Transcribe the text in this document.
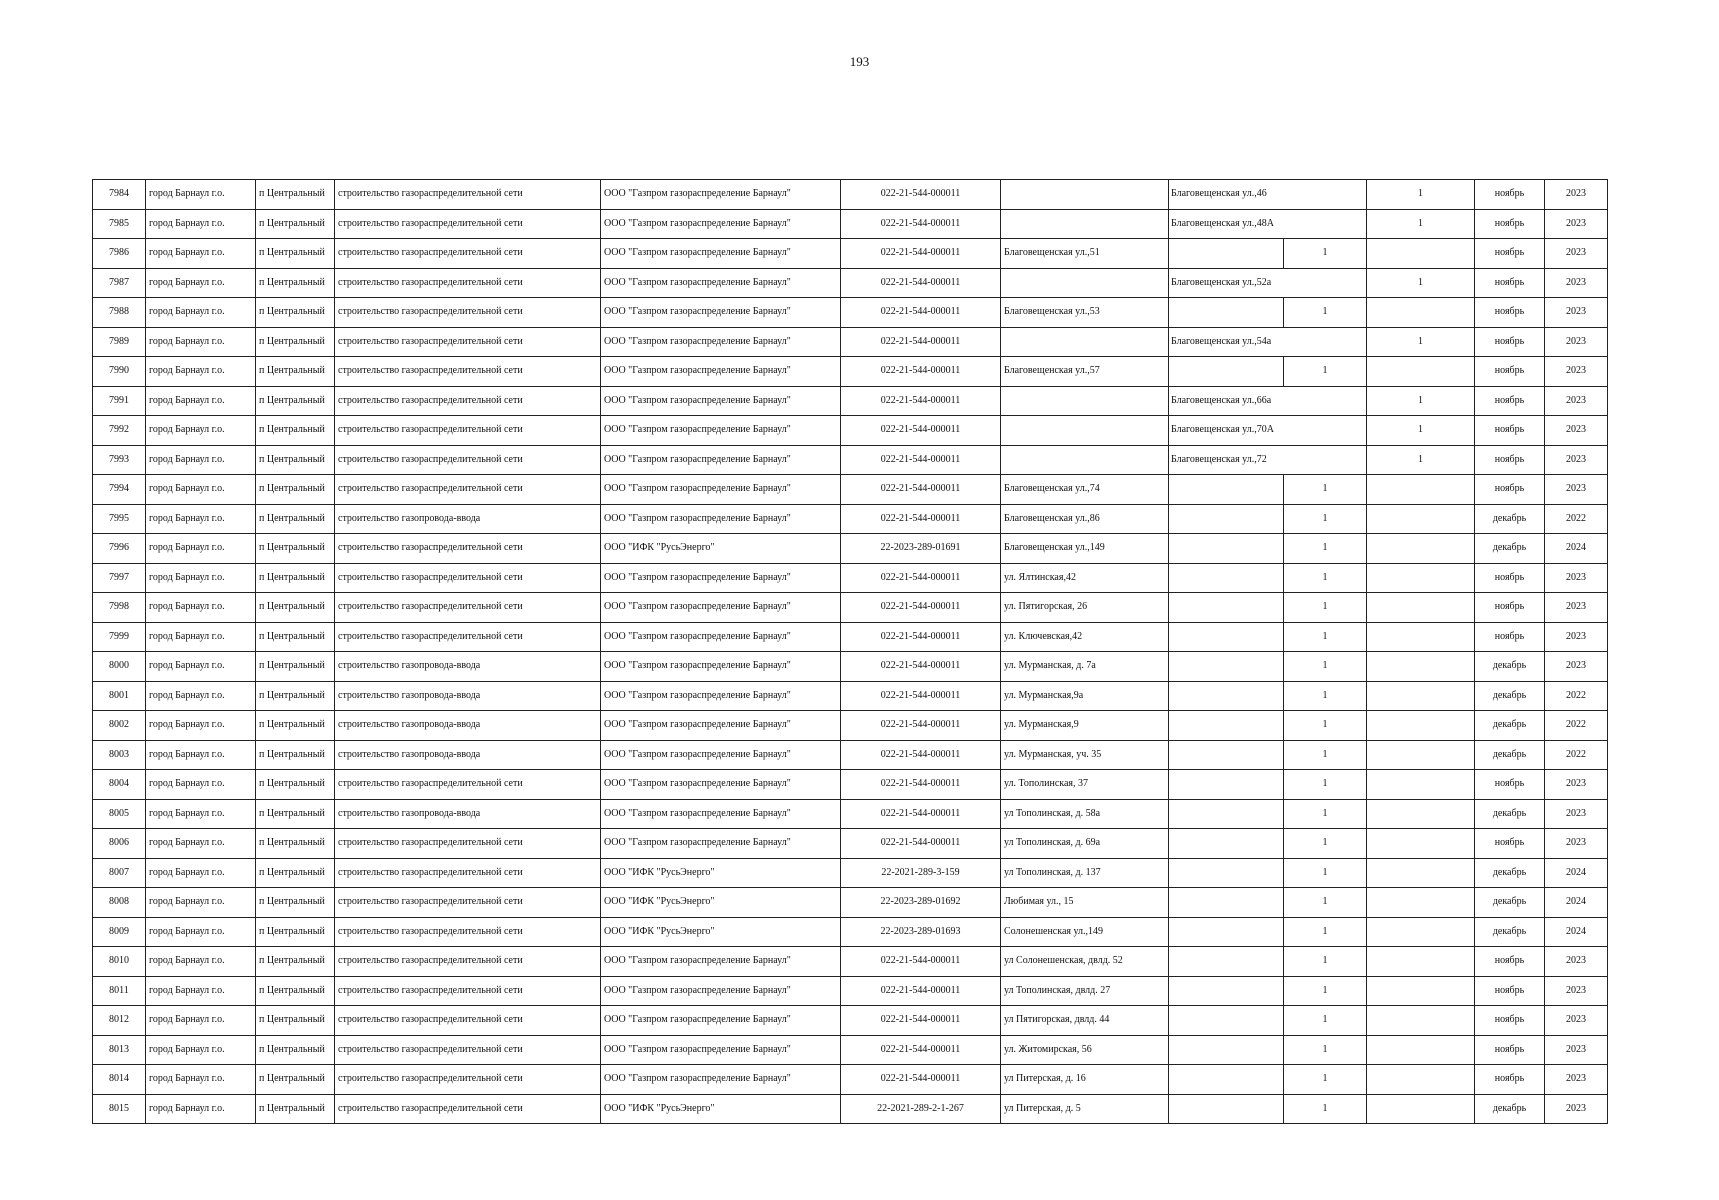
193
7984	город Барнаул г.о.	п Центральный	строительство газораспределительной сети	ООО "Газпром газораспределение Барнаул"	022-21-544-000011		Благовещенская ул.,46		1	ноябрь	2023
7985	город Барнаул г.о.	п Центральный	строительство газораспределительной сети	ООО "Газпром газораспределение Барнаул"	022-21-544-000011		Благовещенская ул.,48А		1	ноябрь	2023
7986	город Барнаул г.о.	п Центральный	строительство газораспределительной сети	ООО "Газпром газораспределение Барнаул"	022-21-544-000011	Благовещенская ул.,51		1		ноябрь	2023
7987	город Барнаул г.о.	п Центральный	строительство газораспределительной сети	ООО "Газпром газораспределение Барнаул"	022-21-544-000011		Благовещенская ул.,52а		1	ноябрь	2023
7988	город Барнаул г.о.	п Центральный	строительство газораспределительной сети	ООО "Газпром газораспределение Барнаул"	022-21-544-000011	Благовещенская ул.,53		1		ноябрь	2023
7989	город Барнаул г.о.	п Центральный	строительство газораспределительной сети	ООО "Газпром газораспределение Барнаул"	022-21-544-000011		Благовещенская ул.,54а		1	ноябрь	2023
7990	город Барнаул г.о.	п Центральный	строительство газораспределительной сети	ООО "Газпром газораспределение Барнаул"	022-21-544-000011	Благовещенская ул.,57		1		ноябрь	2023
7991	город Барнаул г.о.	п Центральный	строительство газораспределительной сети	ООО "Газпром газораспределение Барнаул"	022-21-544-000011		Благовещенская ул.,66а		1	ноябрь	2023
7992	город Барнаул г.о.	п Центральный	строительство газораспределительной сети	ООО "Газпром газораспределение Барнаул"	022-21-544-000011		Благовещенская ул.,70А		1	ноябрь	2023
7993	город Барнаул г.о.	п Центральный	строительство газораспределительной сети	ООО "Газпром газораспределение Барнаул"	022-21-544-000011		Благовещенская ул.,72		1	ноябрь	2023
7994	город Барнаул г.о.	п Центральный	строительство газораспределительной сети	ООО "Газпром газораспределение Барнаул"	022-21-544-000011	Благовещенская ул.,74		1		ноябрь	2023
7995	город Барнаул г.о.	п Центральный	строительство газопровода-ввода	ООО "Газпром газораспределение Барнаул"	022-21-544-000011	Благовещенская ул.,86		1		декабрь	2022
7996	город Барнаул г.о.	п Центральный	строительство газораспределительной сети	ООО "ИФК "РусьЭнерго"	22-2023-289-01691	Благовещенская ул.,149		1		декабрь	2024
7997	город Барнаул г.о.	п Центральный	строительство газораспределительной сети	ООО "Газпром газораспределение Барнаул"	022-21-544-000011	ул. Ялтинская,42		1		ноябрь	2023
7998	город Барнаул г.о.	п Центральный	строительство газораспределительной сети	ООО "Газпром газораспределение Барнаул"	022-21-544-000011	ул. Пятигорская, 26		1		ноябрь	2023
7999	город Барнаул г.о.	п Центральный	строительство газораспределительной сети	ООО "Газпром газораспределение Барнаул"	022-21-544-000011	ул. Ключевская,42		1		ноябрь	2023
8000	город Барнаул г.о.	п Центральный	строительство газопровода-ввода	ООО "Газпром газораспределение Барнаул"	022-21-544-000011	ул. Мурманская, д. 7а		1		декабрь	2023
8001	город Барнаул г.о.	п Центральный	строительство газопровода-ввода	ООО "Газпром газораспределение Барнаул"	022-21-544-000011	ул. Мурманская,9а		1		декабрь	2022
8002	город Барнаул г.о.	п Центральный	строительство газопровода-ввода	ООО "Газпром газораспределение Барнаул"	022-21-544-000011	ул. Мурманская,9		1		декабрь	2022
8003	город Барнаул г.о.	п Центральный	строительство газопровода-ввода	ООО "Газпром газораспределение Барнаул"	022-21-544-000011	ул. Мурманская, уч. 35		1		декабрь	2022
8004	город Барнаул г.о.	п Центральный	строительство газораспределительной сети	ООО "Газпром газораспределение Барнаул"	022-21-544-000011	ул. Тополинская, 37		1		ноябрь	2023
8005	город Барнаул г.о.	п Центральный	строительство газопровода-ввода	ООО "Газпром газораспределение Барнаул"	022-21-544-000011	ул Тополинская, д. 58а		1		декабрь	2023
8006	город Барнаул г.о.	п Центральный	строительство газораспределительной сети	ООО "Газпром газораспределение Барнаул"	022-21-544-000011	ул Тополинская, д. 69а		1		ноябрь	2023
8007	город Барнаул г.о.	п Центральный	строительство газораспределительной сети	ООО "ИФК "РусьЭнерго"	22-2021-289-3-159	ул Тополинская, д. 137		1		декабрь	2024
8008	город Барнаул г.о.	п Центральный	строительство газораспределительной сети	ООО "ИФК "РусьЭнерго"	22-2023-289-01692	Любимая ул., 15		1		декабрь	2024
8009	город Барнаул г.о.	п Центральный	строительство газораспределительной сети	ООО "ИФК "РусьЭнерго"	22-2023-289-01693	Солонешенская ул.,149		1		декабрь	2024
8010	город Барнаул г.о.	п Центральный	строительство газораспределительной сети	ООО "Газпром газораспределение Барнаул"	022-21-544-000011	ул Солонешенская, двлд. 52		1		ноябрь	2023
8011	город Барнаул г.о.	п Центральный	строительство газораспределительной сети	ООО "Газпром газораспределение Барнаул"	022-21-544-000011	ул Тополинская, двлд. 27		1		ноябрь	2023
8012	город Барнаул г.о.	п Центральный	строительство газораспределительной сети	ООО "Газпром газораспределение Барнаул"	022-21-544-000011	ул Пятигорская, двлд. 44		1		ноябрь	2023
8013	город Барнаул г.о.	п Центральный	строительство газораспределительной сети	ООО "Газпром газораспределение Барнаул"	022-21-544-000011	ул. Житомирская, 56		1		ноябрь	2023
8014	город Барнаул г.о.	п Центральный	строительство газораспределительной сети	ООО "Газпром газораспределение Барнаул"	022-21-544-000011	ул Питерская, д. 16		1		ноябрь	2023
8015	город Барнаул г.о.	п Центральный	строительство газораспределительной сети	ООО "ИФК "РусьЭнерго"	22-2021-289-2-1-267	ул Питерская, д. 5		1		декабрь	2023
